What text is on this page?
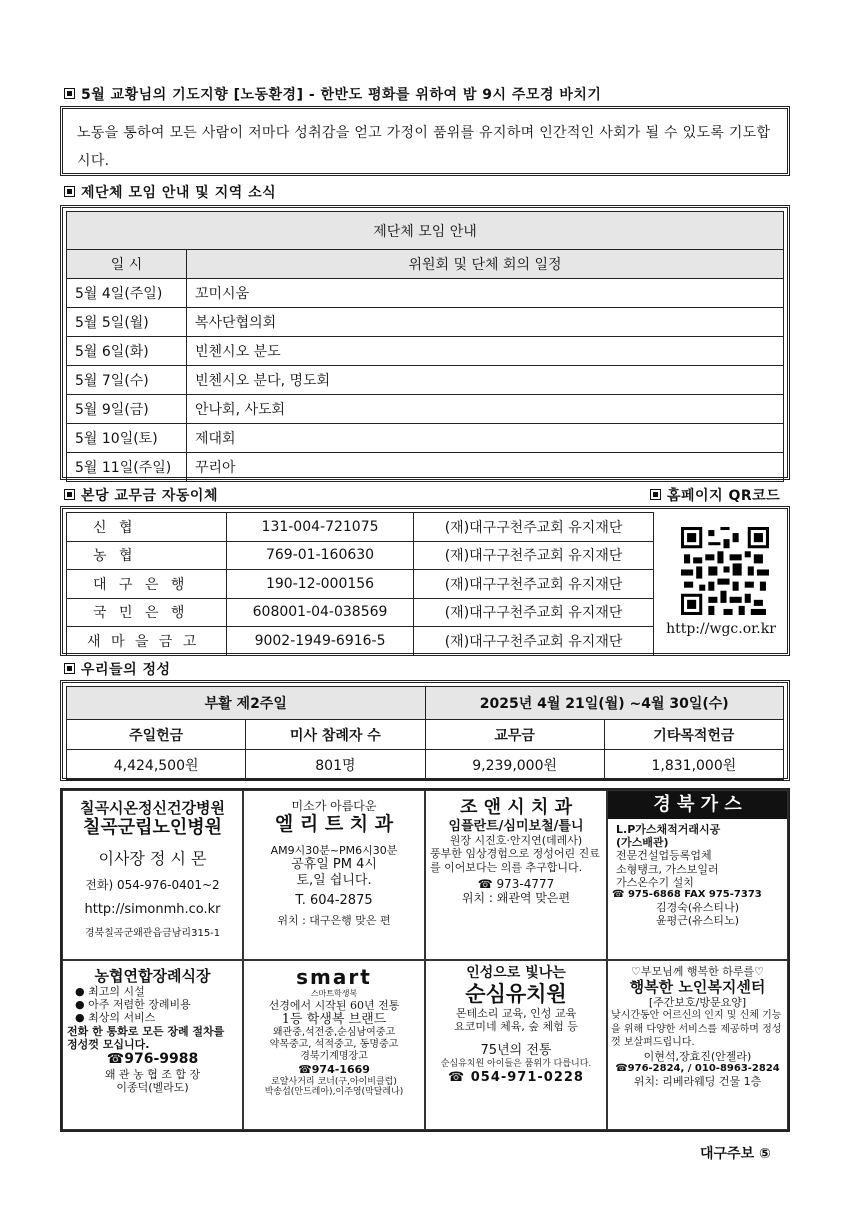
5월 교황님의 기도지향 [노동환경] - 한반도 평화를 위하여 밤 9시 주모경 바치기
노동을 통하여 모든 사람이 저마다 성취감을 얻고 가정이 품위를 유지하며 인간적인 사회가 될 수 있도록 기도합시다.
제단체 모임 안내 및 지역 소식
제단체 모임 안내	
일 시	위원회 및 단체 회의 일정
5월 4일(주일)	꼬미시움
5월 5일(월)	복사단협의회
5월 6일(화)	빈첸시오 분도
5월 7일(수)	빈첸시오 분다, 명도회
5월 9일(금)	안나회, 사도회
5월 10일(토)	제대회
5월 11일(주일)	꾸리아
본당 교무금 자동이체	홈페이지 QR코드
신 협	131-004-721075	(재)대구구천주교회 유지재단
농 협	769-01-160630	(재)대구구천주교회 유지재단
대 구 은 행	190-12-000156	(재)대구구천주교회 유지재단
국 민 은 행	608001-04-038569	(재)대구구천주교회 유지재단
새 마 을 금 고	9002-1949-6916-5	(재)대구구천주교회 유지재단
http://wgc.or.kr
우리들의 정성
부활 제2주일		2025년 4월 21일(월) ~4월 30일(수)	
주일헌금	미사 참례자 수	교무금	기타목적헌금
4,424,500원	801명	9,239,000원	1,831,000원
칠곡시온정신건강병원
칠곡군립노인병원
이사장 정 시 몬
전화) 054-976-0401~2
http://simonmh.co.kr
경북칠곡군왜관읍금남리315-1
미소가 아름다운
엘 리 트 치 과
AM9시30분~PM6시30분
공휴일 PM 4시
토,일 쉽니다.
T. 604-2875
위치 : 대구은행 맞은 편
조 앤 시 치 과
임플란트/심미보철/틀니
원장 시진호·안지연(데레사)
풍부한 임상경험으로 정성어린 진료를 이어보다는 의를 추구합니다.
☎ 973-4777
위치 : 왜관역 맞은편
경 북 가 스
L.P가스채적거래시공
(가스배관)
전문건설업등록업체
소형탱크, 가스보일러
가스온수기 설치
☎ 975-6868 FAX 975-7373
김경숙(유스티나)
윤평근(유스티노)
농협연합장례식장
● 최고의 시설
● 아주 저렴한 장례비용
● 최상의 서비스
전화 한 통화로 모든 장례 절차를 정성껏 모십니다.
☎976-9988
왜 관 농 협 조 합 장
이종덕(벨라도)
smart
스마트학생복
선경에서 시작된 60년 전통
1등 학생복 브랜드
왜관중,석전중,순심남여중고
약목중고, 석적중고, 동명중고
경북기계명장고
☎974-1669
로얄사거리 코너(구,아이비클럽)
박송섭(안드레아),이주영(막달레나)
인성으로 빛나는
순심유치원
몬테소리 교육, 인성 교육
요코미네 체육, 숲 체험 등
75년의 전통
순심유치원 아이들은 품위가 다릅니다.
☎ 054-971-0228
♡부모님께 행복한 하루를♡
행복한 노인복지센터
[주간보호/방문요양]
낮시간동안 어르신의 인지 및 신체 기능을 위해 다양한 서비스를 제공하며 정성껏 보살펴드립니다.
이현석,장효진(안젤라)
☎976-2824, / 010-8963-2824
위치: 리베라웨딩 건물 1층
대구주보 ⑤
